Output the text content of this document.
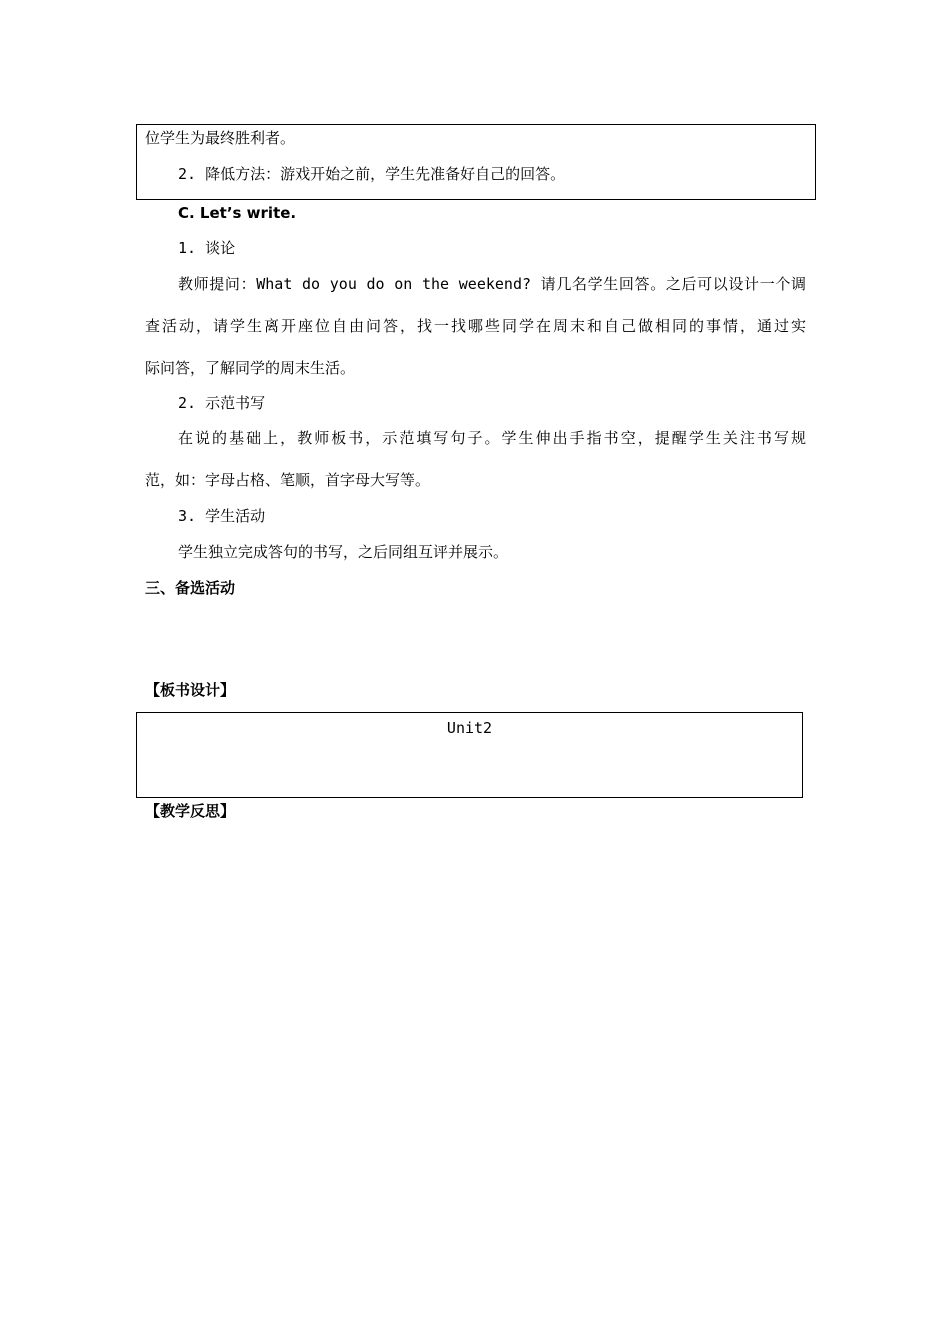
位学生为最终胜利者。
2. 降低方法：游戏开始之前，学生先准备好自己的回答。
C. Let’s write.
1. 谈论
教师提问：What do you do on the weekend? 请几名学生回答。之后可以设计一个调
查活动，请学生离开座位自由问答，找一找哪些同学在周末和自己做相同的事情，通过实
际问答，了解同学的周末生活。
2. 示范书写
在说的基础上，教师板书，示范填写句子。学生伸出手指书空，提醒学生关注书写规
范，如：字母占格、笔顺，首字母大写等。
3. 学生活动
学生独立完成答句的书写，之后同组互评并展示。
三、备选活动
【板书设计】
Unit2
【教学反思】
